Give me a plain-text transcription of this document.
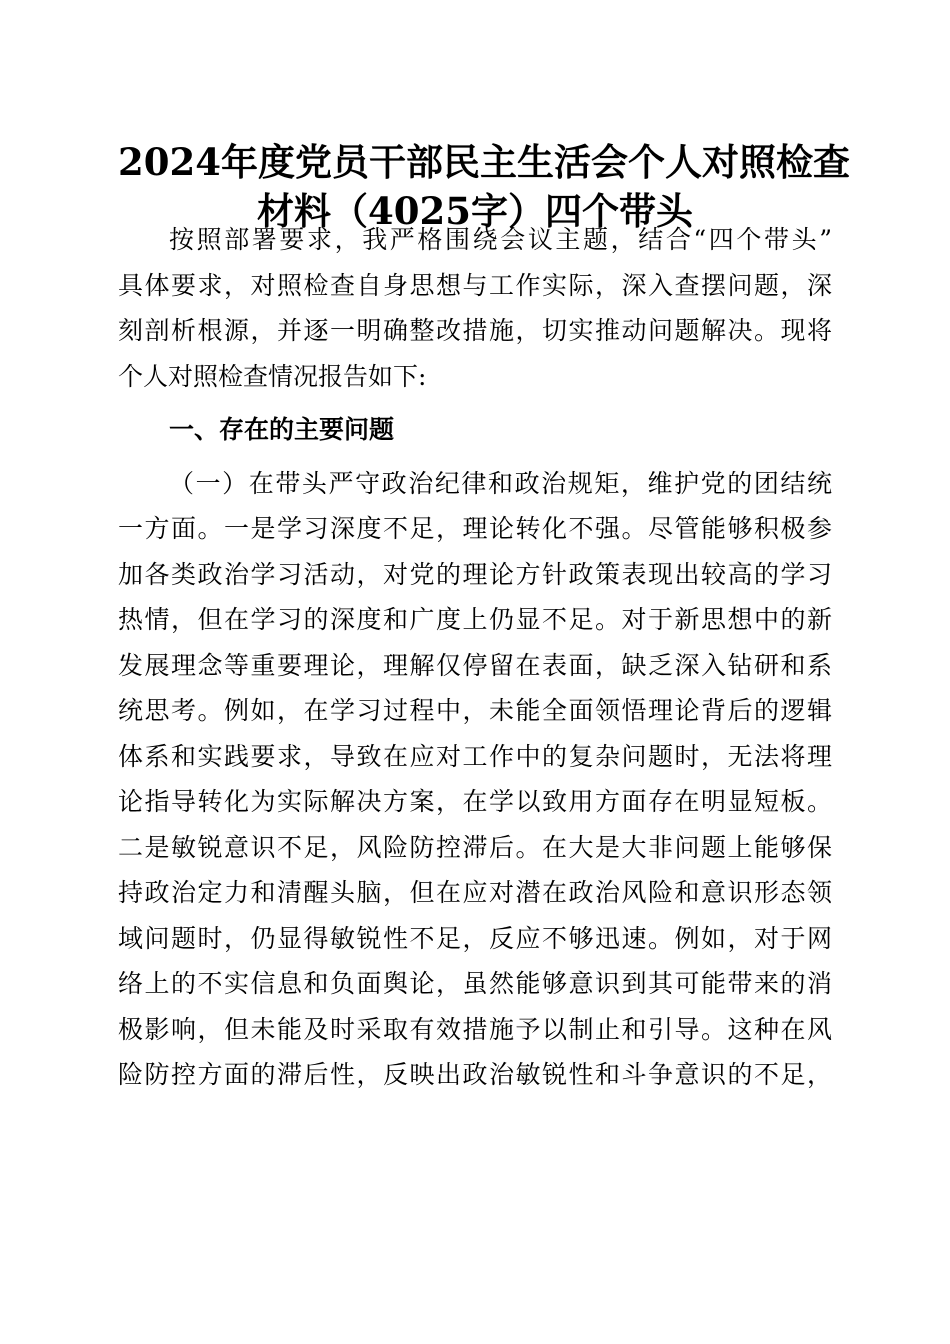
2024年度党员干部民主生活会个人对照检查
材料（4025字）四个带头
按照部署要求，我严格围绕会议主题，结合“四个带头”
具体要求，对照检查自身思想与工作实际，深入查摆问题，深
刻剖析根源，并逐一明确整改措施，切实推动问题解决。现将
个人对照检查情况报告如下:
一、存在的主要问题
（一）在带头严守政治纪律和政治规矩，维护党的团结统
一方面。一是学习深度不足，理论转化不强。尽管能够积极参
加各类政治学习活动，对党的理论方针政策表现出较高的学习
热情，但在学习的深度和广度上仍显不足。对于新思想中的新
发展理念等重要理论，理解仅停留在表面，缺乏深入钻研和系
统思考。例如，在学习过程中，未能全面领悟理论背后的逻辑
体系和实践要求，导致在应对工作中的复杂问题时，无法将理
论指导转化为实际解决方案，在学以致用方面存在明显短板。
二是敏锐意识不足，风险防控滞后。在大是大非问题上能够保
持政治定力和清醒头脑，但在应对潜在政治风险和意识形态领
域问题时，仍显得敏锐性不足，反应不够迅速。例如，对于网
络上的不实信息和负面舆论，虽然能够意识到其可能带来的消
极影响，但未能及时采取有效措施予以制止和引导。这种在风
险防控方面的滞后性，反映出政治敏锐性和斗争意识的不足，
